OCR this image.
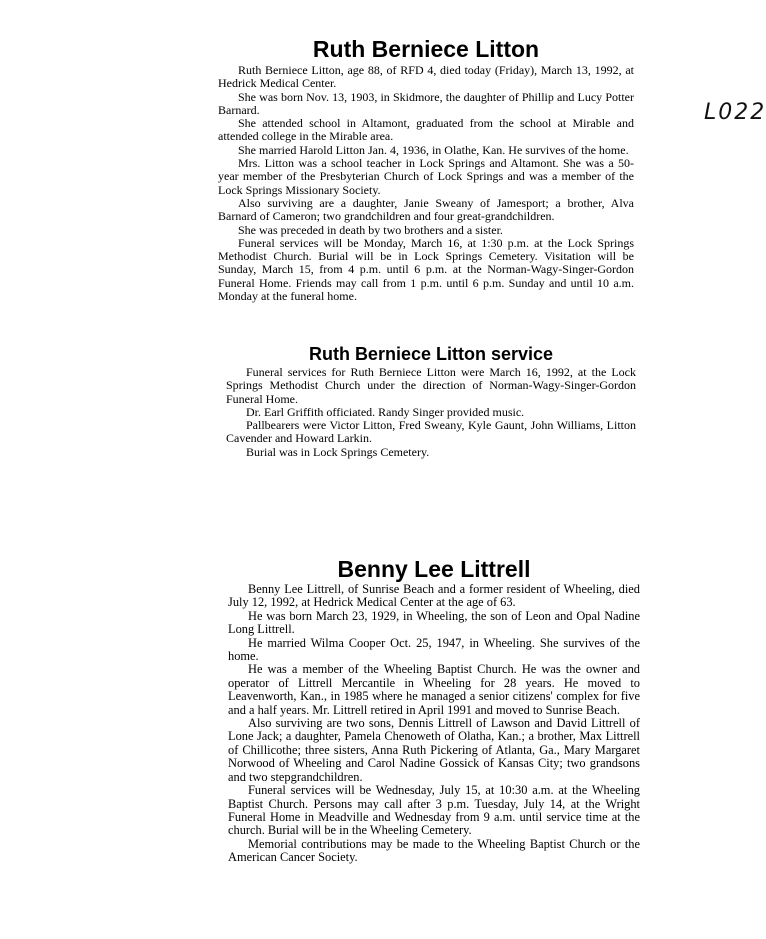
L022
Ruth Berniece Litton

Ruth Berniece Litton, age 88, of RFD 4, died today (Friday), March 13, 1992, at Hedrick Medical Center.

She was born Nov. 13, 1903, in Skidmore, the daughter of Phillip and Lucy Potter Barnard.

She attended school in Altamont, graduated from the school at Mirable and attended college in the Mirable area.

She married Harold Litton Jan. 4, 1936, in Olathe, Kan. He survives of the home.

Mrs. Litton was a school teacher in Lock Springs and Altamont. She was a 50-year member of the Presbyterian Church of Lock Springs and was a member of the Lock Springs Missionary Society.

Also surviving are a daughter, Janie Sweany of Jamesport; a brother, Alva Barnard of Cameron; two grandchildren and four great-grandchildren.

She was preceded in death by two brothers and a sister.

Funeral services will be Monday, March 16, at 1:30 p.m. at the Lock Springs Methodist Church. Burial will be in Lock Springs Cemetery. Visitation will be Sunday, March 15, from 4 p.m. until 6 p.m. at the Norman-Wagy-Singer-Gordon Funeral Home. Friends may call from 1 p.m. until 6 p.m. Sunday and until 10 a.m. Monday at the funeral home.

Ruth Berniece Litton service

Funeral services for Ruth Berniece Litton were March 16, 1992, at the Lock Springs Methodist Church under the direction of Norman-Wagy-Singer-Gordon Funeral Home.

Dr. Earl Griffith officiated. Randy Singer provided music.

Pallbearers were Victor Litton, Fred Sweany, Kyle Gaunt, John Williams, Litton Cavender and Howard Larkin.

Burial was in Lock Springs Cemetery.

Benny Lee Littrell

Benny Lee Littrell, of Sunrise Beach and a former resident of Wheeling, died July 12, 1992, at Hedrick Medical Center at the age of 63.

He was born March 23, 1929, in Wheeling, the son of Leon and Opal Nadine Long Littrell.

He married Wilma Cooper Oct. 25, 1947, in Wheeling. She survives of the home.

He was a member of the Wheeling Baptist Church. He was the owner and operator of Littrell Mercantile in Wheeling for 28 years. He moved to Leavenworth, Kan., in 1985 where he managed a senior citizens' complex for five and a half years. Mr. Littrell retired in April 1991 and moved to Sunrise Beach.

Also surviving are two sons, Dennis Littrell of Lawson and David Littrell of Lone Jack; a daughter, Pamela Chenoweth of Olatha, Kan.; a brother, Max Littrell of Chillicothe; three sisters, Anna Ruth Pickering of Atlanta, Ga., Mary Margaret Norwood of Wheeling and Carol Nadine Gossick of Kansas City; two grandsons and two stepgrandchildren.

Funeral services will be Wednesday, July 15, at 10:30 a.m. at the Wheeling Baptist Church. Persons may call after 3 p.m. Tuesday, July 14, at the Wright Funeral Home in Meadville and Wednesday from 9 a.m. until service time at the church. Burial will be in the Wheeling Cemetery.

Memorial contributions may be made to the Wheeling Baptist Church or the American Cancer Society.
